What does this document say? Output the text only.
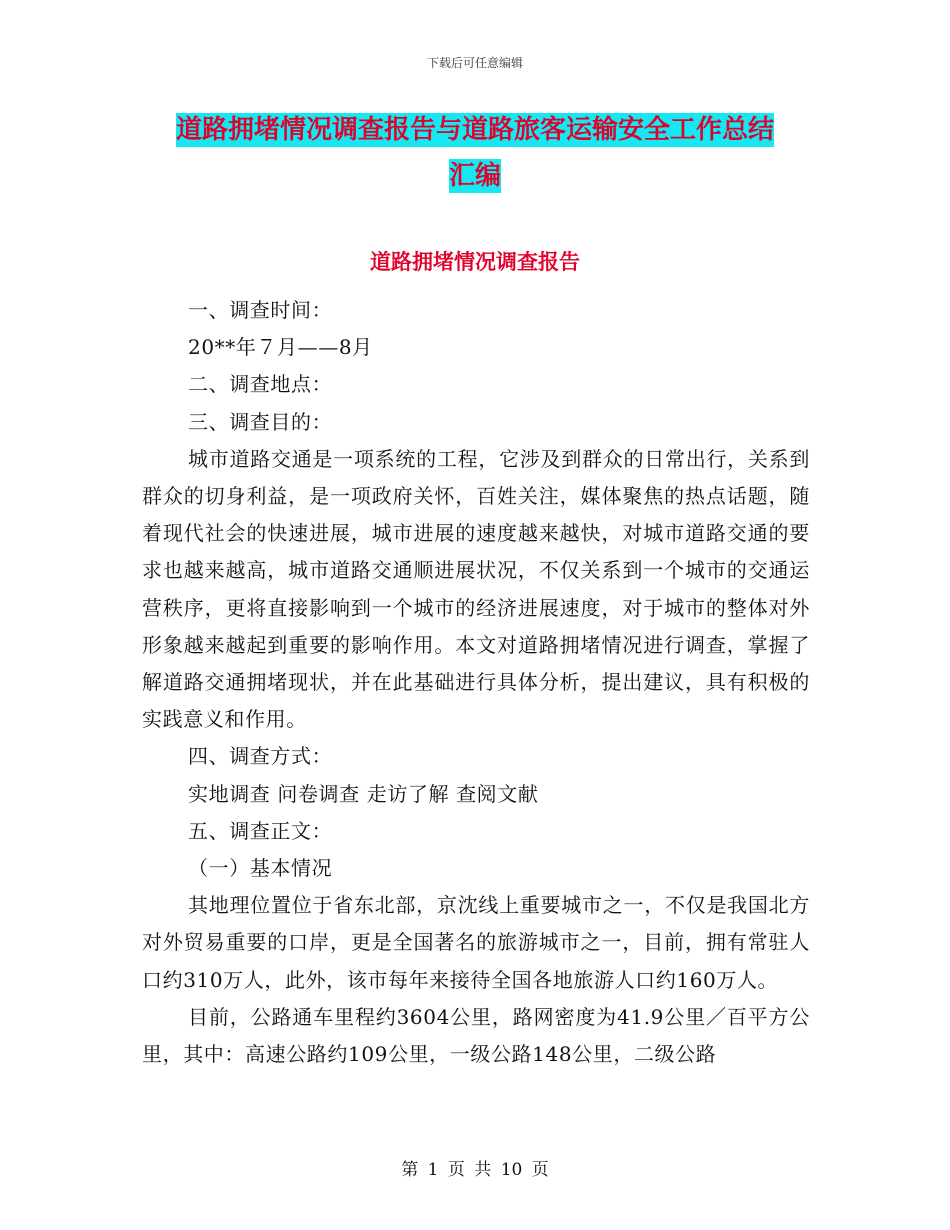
下载后可任意编辑
道路拥堵情况调查报告与道路旅客运输安全工作总结
汇编
道路拥堵情况调查报告

一、调查时间：

20**年７月——8月

二、调查地点：

三、调查目的：

城市道路交通是一项系统的工程，它涉及到群众的日常出行，关系到群众的切身利益，是一项政府关怀，百姓关注，媒体聚焦的热点话题，随着现代社会的快速进展，城市进展的速度越来越快，对城市道路交通的要求也越来越高，城市道路交通顺进展状况，不仅关系到一个城市的交通运营秩序，更将直接影响到一个城市的经济进展速度，对于城市的整体对外形象越来越起到重要的影响作用。本文对道路拥堵情况进行调查，掌握了解道路交通拥堵现状，并在此基础进行具体分析，提出建议，具有积极的实践意义和作用。

四、调查方式：

实地调查 问卷调查 走访了解 查阅文献

五、调查正文：

（一）基本情况

其地理位置位于省东北部，京沈线上重要城市之一，不仅是我国北方对外贸易重要的口岸，更是全国著名的旅游城市之一，目前，拥有常驻人口约310万人，此外，该市每年来接待全国各地旅游人口约160万人。

目前，公路通车里程约3604公里，路网密度为41.9公里／百平方公里，其中：高速公路约109公里，一级公路148公里，二级公路

第 1 页 共 10 页
